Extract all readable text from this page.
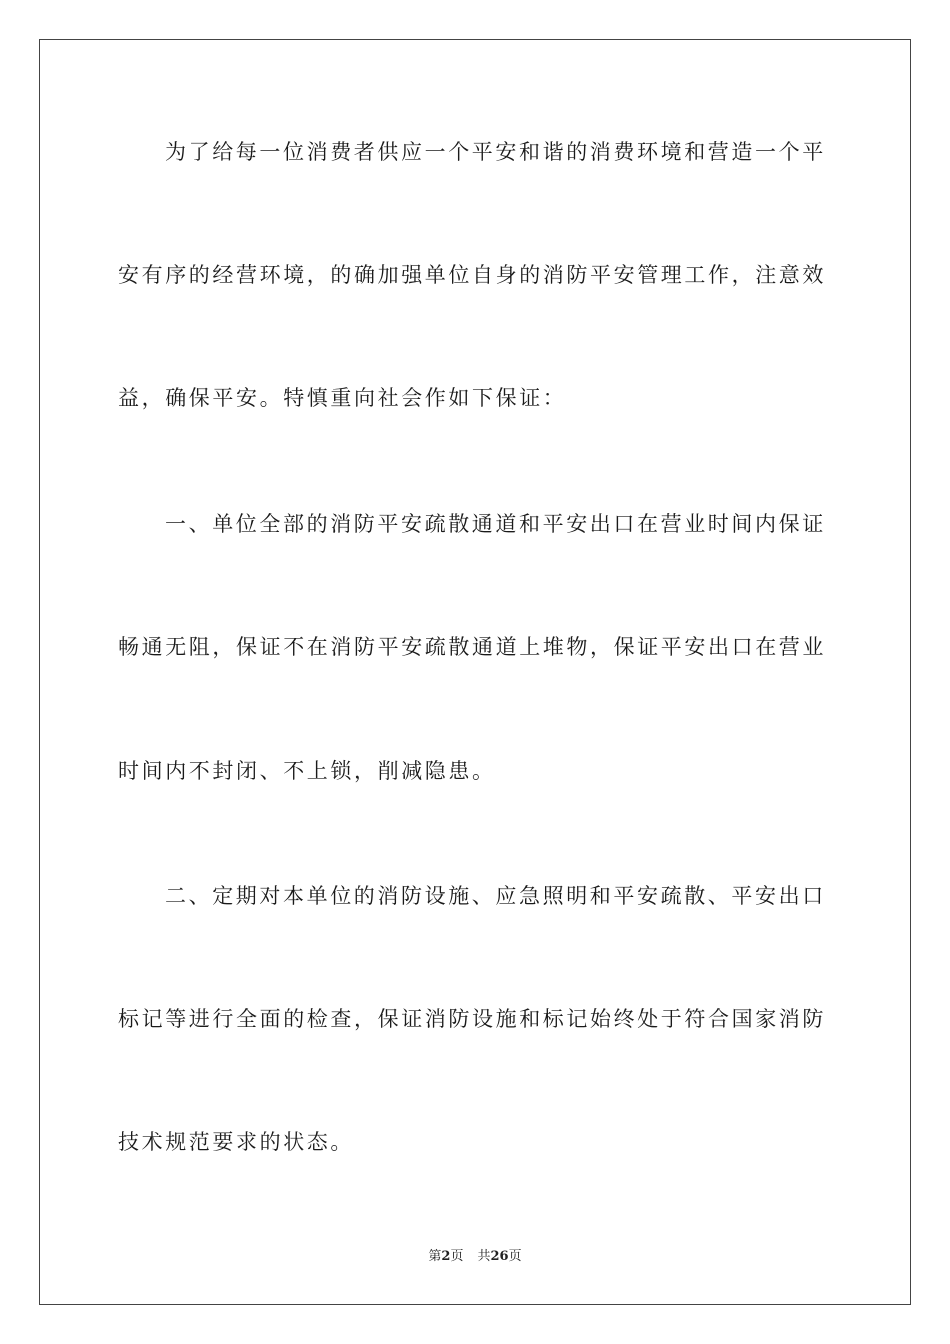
为了给每一位消费者供应一个平安和谐的消费环境和营造一个平
安有序的经营环境，的确加强单位自身的消防平安管理工作，注意效
益，确保平安。特慎重向社会作如下保证：
一、单位全部的消防平安疏散通道和平安出口在营业时间内保证
畅通无阻，保证不在消防平安疏散通道上堆物，保证平安出口在营业
时间内不封闭、不上锁，削减隐患。
二、定期对本单位的消防设施、应急照明和平安疏散、平安出口
标记等进行全面的检查，保证消防设施和标记始终处于符合国家消防
技术规范要求的状态。
第2页 共26页
